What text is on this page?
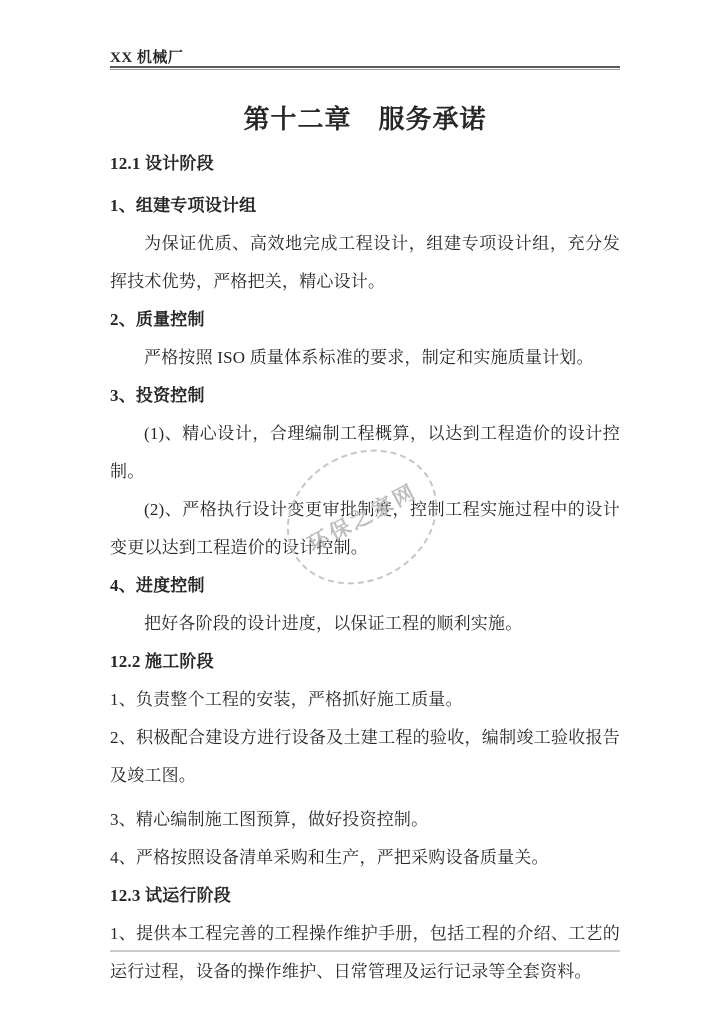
XX 机械厂
第十二章　服务承诺

12.1 设计阶段

1、组建专项设计组

为保证优质、高效地完成工程设计，组建专项设计组，充分发挥技术优势，严格把关，精心设计。

2、质量控制

严格按照 ISO 质量体系标准的要求，制定和实施质量计划。

3、投资控制

(1)、精心设计，合理编制工程概算，以达到工程造价的设计控制。

(2)、严格执行设计变更审批制度，控制工程实施过程中的设计变更以达到工程造价的设计控制。

4、进度控制

把好各阶段的设计进度，以保证工程的顺利实施。

12.2 施工阶段

1、负责整个工程的安装，严格抓好施工质量。

2、积极配合建设方进行设备及土建工程的验收，编制竣工验收报告及竣工图。

3、精心编制施工图预算，做好投资控制。

4、严格按照设备清单采购和生产，严把采购设备质量关。

12.3 试运行阶段

1、提供本工程完善的工程操作维护手册，包括工程的介绍、工艺的运行过程，设备的操作维护、日常管理及运行记录等全套资料。

环保之家网
